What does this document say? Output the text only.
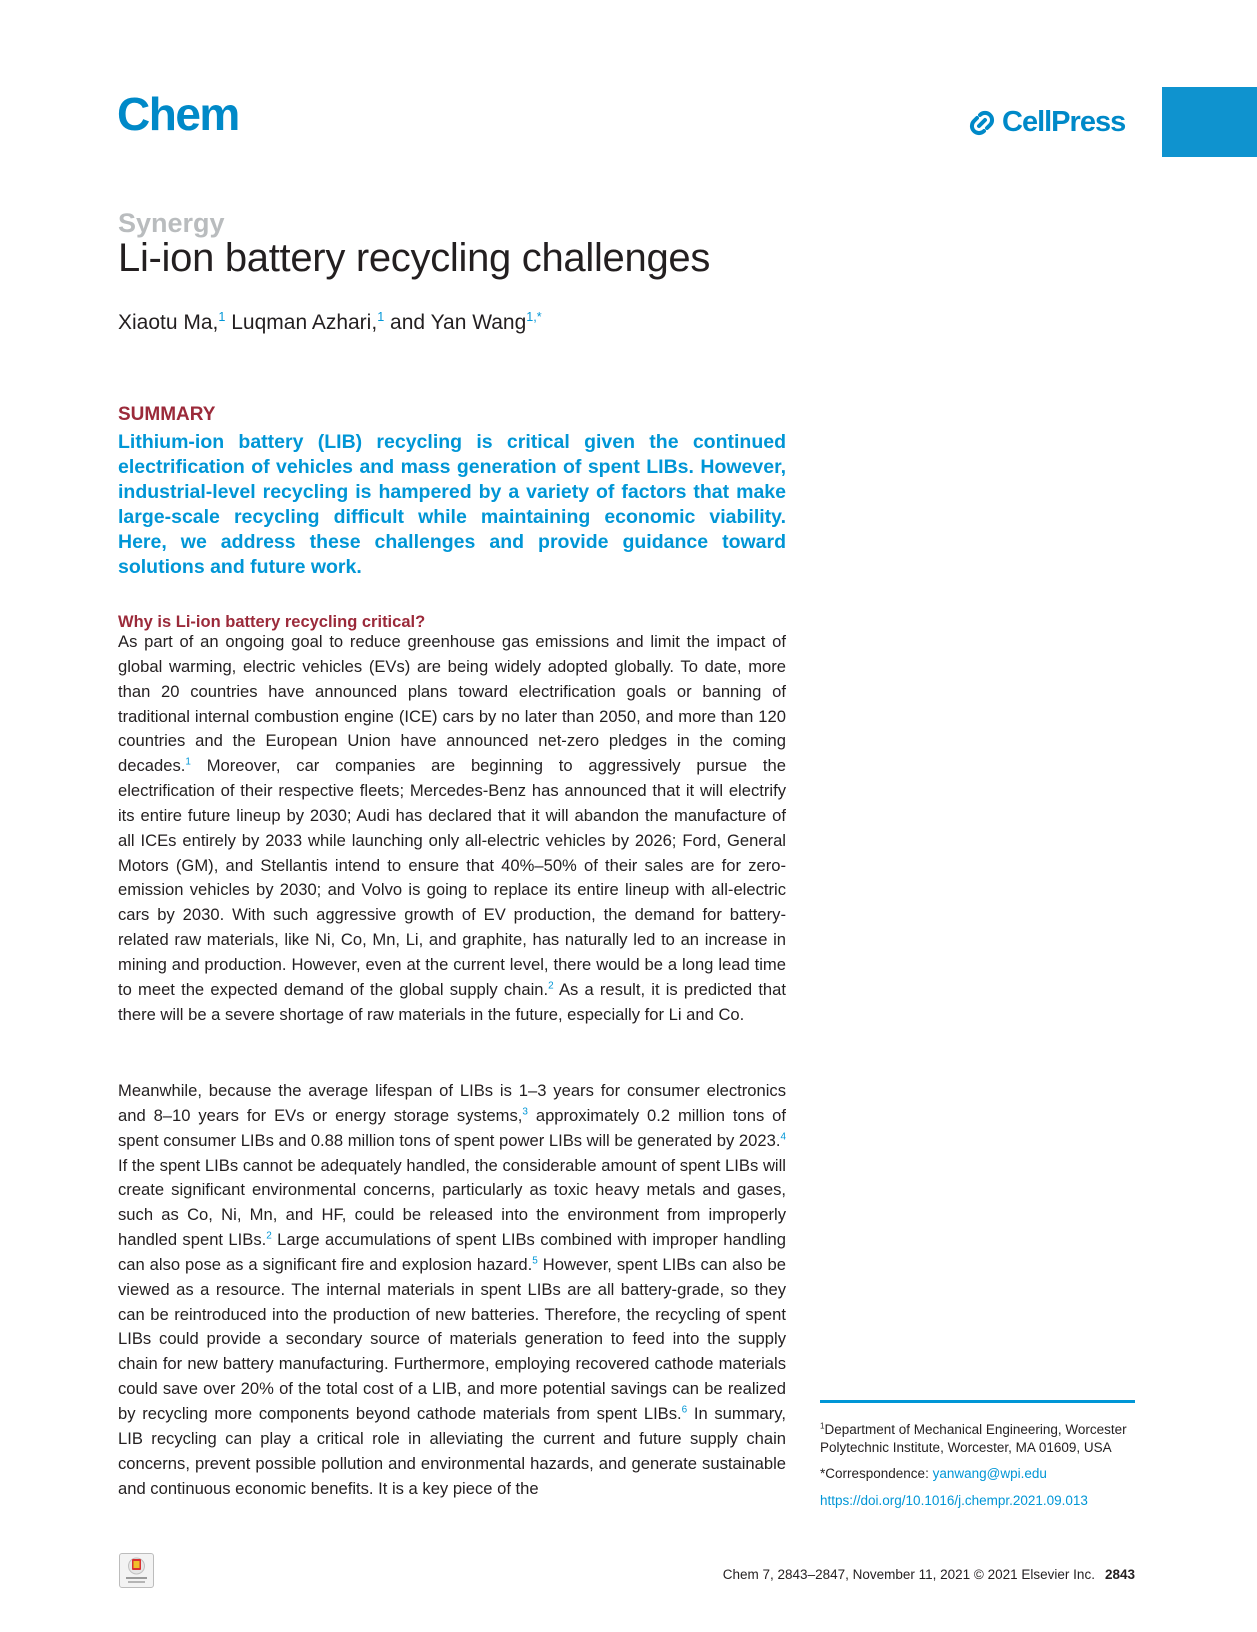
Chem	CellPress
Synergy
Li-ion battery recycling challenges
Xiaotu Ma,$^1$ Luqman Azhari,$^1$ and Yan Wang$^{1,*}$
SUMMARY

Lithium-ion battery (LIB) recycling is critical given the continued electrification of vehicles and mass generation of spent LIBs. However, industrial-level recycling is hampered by a variety of factors that make large-scale recycling difficult while maintaining economic viability. Here, we address these challenges and provide guidance toward solutions and future work.

Why is Li-ion battery recycling critical?

As part of an ongoing goal to reduce greenhouse gas emissions and limit the impact of global warming, electric vehicles (EVs) are being widely adopted globally. To date, more than 20 countries have announced plans toward electrification goals or banning of traditional internal combustion engine (ICE) cars by no later than 2050, and more than 120 countries and the European Union have announced net-zero pledges in the coming decades.$^1$ Moreover, car companies are beginning to aggressively pursue the electrification of their respective fleets; Mercedes-Benz has announced that it will electrify its entire future lineup by 2030; Audi has declared that it will abandon the manufacture of all ICEs entirely by 2033 while launching only all-electric vehicles by 2026; Ford, General Motors (GM), and Stellantis intend to ensure that 40%–50% of their sales are for zero-emission vehicles by 2030; and Volvo is going to replace its entire lineup with all-electric cars by 2030. With such aggressive growth of EV production, the demand for battery-related raw materials, like Ni, Co, Mn, Li, and graphite, has naturally led to an increase in mining and production. However, even at the current level, there would be a long lead time to meet the expected demand of the global supply chain.$^2$ As a result, it is predicted that there will be a severe shortage of raw materials in the future, especially for Li and Co.

Meanwhile, because the average lifespan of LIBs is 1–3 years for consumer electronics and 8–10 years for EVs or energy storage systems,$^3$ approximately 0.2 million tons of spent consumer LIBs and 0.88 million tons of spent power LIBs will be generated by 2023.$^4$ If the spent LIBs cannot be adequately handled, the considerable amount of spent LIBs will create significant environmental concerns, particularly as toxic heavy metals and gases, such as Co, Ni, Mn, and HF, could be released into the environment from improperly handled spent LIBs.$^2$ Large accumulations of spent LIBs combined with improper handling can also pose as a significant fire and explosion hazard.$^5$ However, spent LIBs can also be viewed as a resource. The internal materials in spent LIBs are all battery-grade, so they can be reintroduced into the production of new batteries. Therefore, the recycling of spent LIBs could provide a secondary source of materials generation to feed into the supply chain for new battery manufacturing. Furthermore, employing recovered cathode materials could save over 20% of the total cost of a LIB, and more potential savings can be realized by recycling more components beyond cathode materials from spent LIBs.$^6$ In summary, LIB recycling can play a critical role in alleviating the current and future supply chain concerns, prevent possible pollution and environmental hazards, and generate sustainable and continuous economic benefits. It is a key piece of the

$^1$Department of Mechanical Engineering, Worcester Polytechnic Institute, Worcester, MA 01609, USA

*Correspondence: yanwang@wpi.edu

https://doi.org/10.1016/j.chempr.2021.09.013

Chem 7, 2843–2847, November 11, 2021 © 2021 Elsevier Inc. 2843
